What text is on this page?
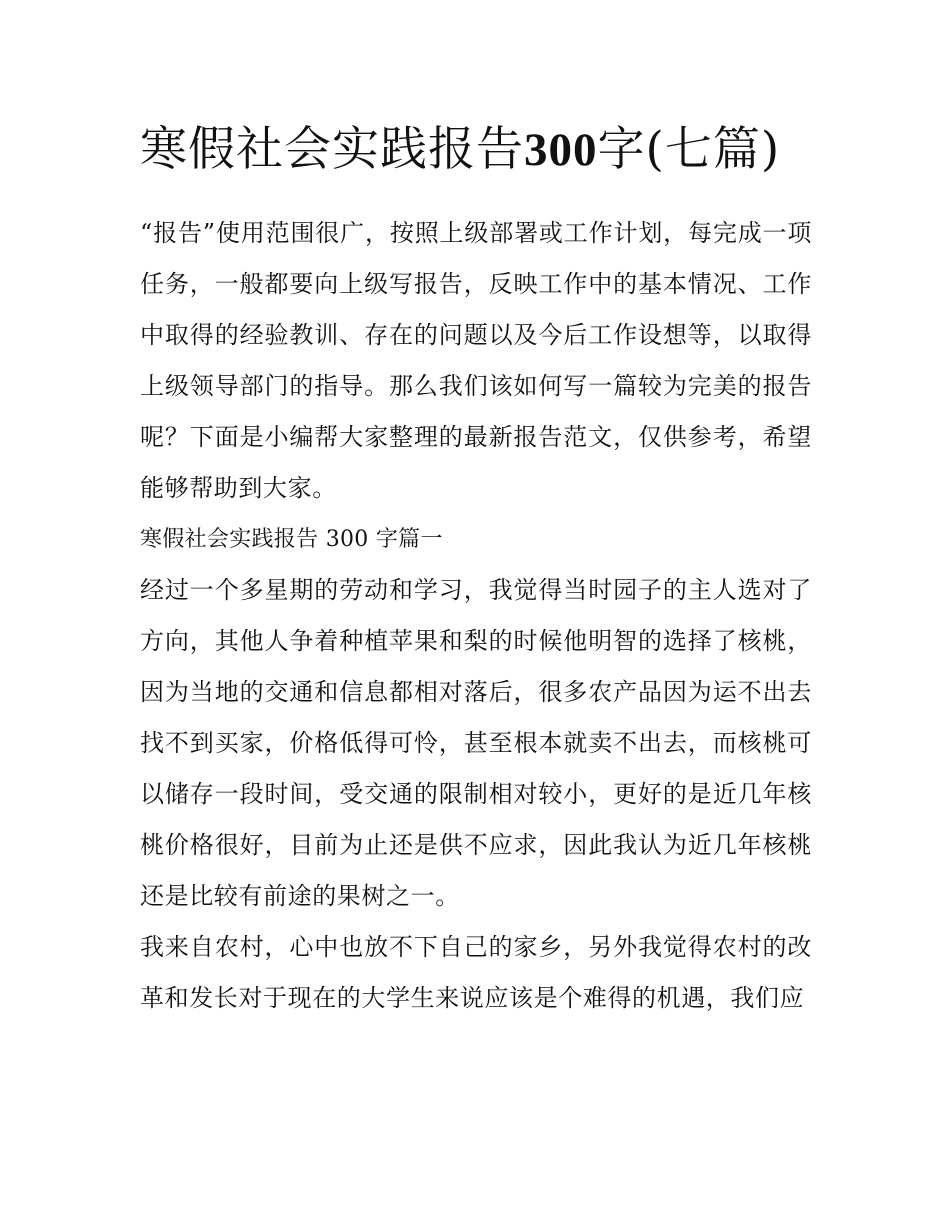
寒假社会实践报告300字(七篇)

“报告”使用范围很广，按照上级部署或工作计划，每完成一项任务，一般都要向上级写报告，反映工作中的基本情况、工作中取得的经验教训、存在的问题以及今后工作设想等，以取得上级领导部门的指导。那么我们该如何写一篇较为完美的报告呢？下面是小编帮大家整理的最新报告范文，仅供参考，希望能够帮助到大家。

寒假社会实践报告 300 字篇一

经过一个多星期的劳动和学习，我觉得当时园子的主人选对了方向，其他人争着种植苹果和梨的时候他明智的选择了核桃，因为当地的交通和信息都相对落后，很多农产品因为运不出去找不到买家，价格低得可怜，甚至根本就卖不出去，而核桃可以储存一段时间，受交通的限制相对较小，更好的是近几年核桃价格很好，目前为止还是供不应求，因此我认为近几年核桃还是比较有前途的果树之一。

我来自农村，心中也放不下自己的家乡，另外我觉得农村的改革和发长对于现在的大学生来说应该是个难得的机遇，我们应
